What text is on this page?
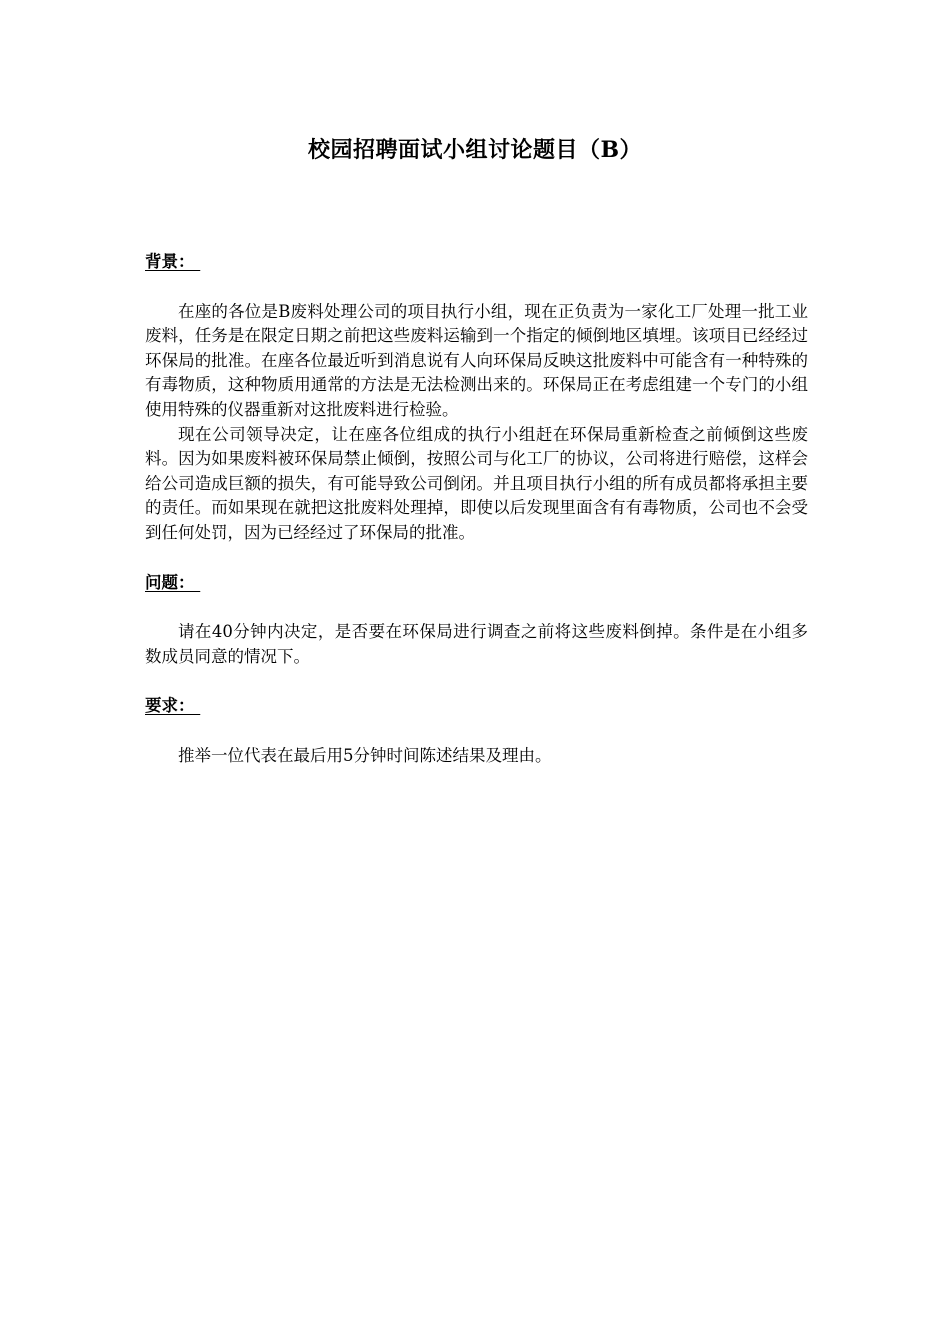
校园招聘面试小组讨论题目（B）
背景：

在座的各位是B废料处理公司的项目执行小组，现在正负责为一家化工厂处理一批工业废料，任务是在限定日期之前把这些废料运输到一个指定的倾倒地区填埋。该项目已经经过环保局的批准。在座各位最近听到消息说有人向环保局反映这批废料中可能含有一种特殊的有毒物质，这种物质用通常的方法是无法检测出来的。环保局正在考虑组建一个专门的小组使用特殊的仪器重新对这批废料进行检验。

现在公司领导决定，让在座各位组成的执行小组赶在环保局重新检查之前倾倒这些废料。因为如果废料被环保局禁止倾倒，按照公司与化工厂的协议，公司将进行赔偿，这样会给公司造成巨额的损失，有可能导致公司倒闭。并且项目执行小组的所有成员都将承担主要的责任。而如果现在就把这批废料处理掉，即使以后发现里面含有有毒物质，公司也不会受到任何处罚，因为已经经过了环保局的批准。

问题：

请在40分钟内决定，是否要在环保局进行调查之前将这些废料倒掉。条件是在小组多数成员同意的情况下。

要求：

推举一位代表在最后用5分钟时间陈述结果及理由。
